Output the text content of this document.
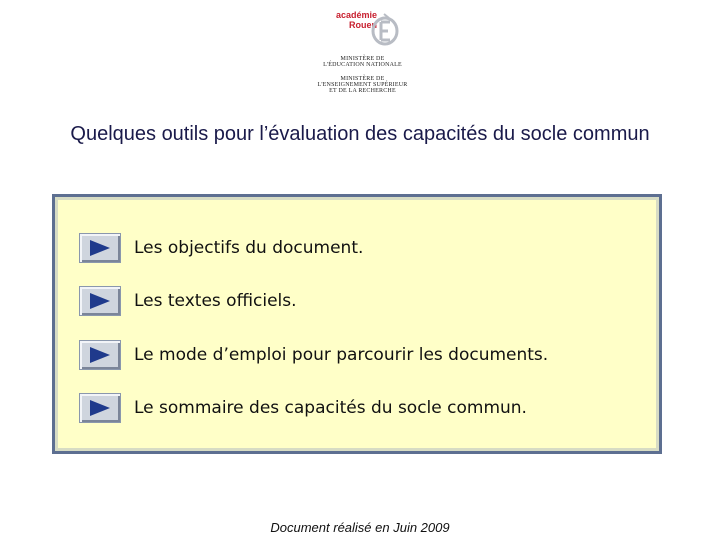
académie
Rouen
MINISTÈRE DE
L'ÉDUCATION NATIONALE
MINISTÈRE DE
L'ENSEIGNEMENT SUPÉRIEUR
ET DE LA RECHERCHE
Quelques outils pour l’évaluation des capacités du socle commun
Les objectifs du document.
Les textes officiels.
Le mode d’emploi pour parcourir les documents.
Le sommaire des capacités du socle commun.
Document réalisé en Juin 2009
